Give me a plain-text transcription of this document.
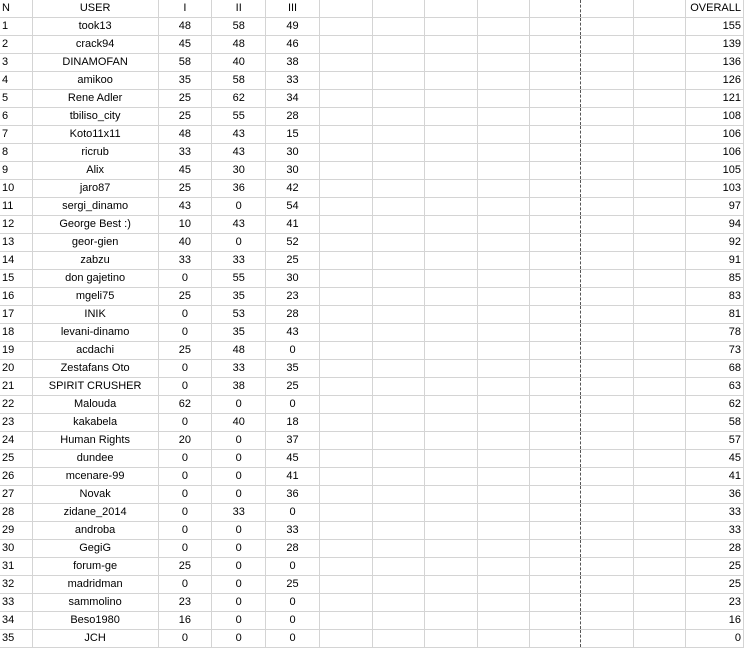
N	USER	I	II	III								OVERALL
1	took13	48	58	49								155
2	crack94	45	48	46								139
3	DINAMOFAN	58	40	38								136
4	amikoo	35	58	33								126
5	Rene Adler	25	62	34								121
6	tbiliso_city	25	55	28								108
7	Koto11x11	48	43	15								106
8	ricrub	33	43	30								106
9	Alix	45	30	30								105
10	jaro87	25	36	42								103
11	sergi_dinamo	43	0	54								97
12	George Best :)	10	43	41								94
13	geor-gien	40	0	52								92
14	zabzu	33	33	25								91
15	don gajetino	0	55	30								85
16	mgeli75	25	35	23								83
17	INIK	0	53	28								81
18	levani-dinamo	0	35	43								78
19	acdachi	25	48	0								73
20	Zestafans Oto	0	33	35								68
21	SPIRIT CRUSHER	0	38	25								63
22	Malouda	62	0	0								62
23	kakabela	0	40	18								58
24	Human Rights	20	0	37								57
25	dundee	0	0	45								45
26	mcenare-99	0	0	41								41
27	Novak	0	0	36								36
28	zidane_2014	0	33	0								33
29	androba	0	0	33								33
30	GegiG	0	0	28								28
31	forum-ge	25	0	0								25
32	madridman	0	0	25								25
33	sammolino	23	0	0								23
34	Beso1980	16	0	0								16
35	JCH	0	0	0								0
